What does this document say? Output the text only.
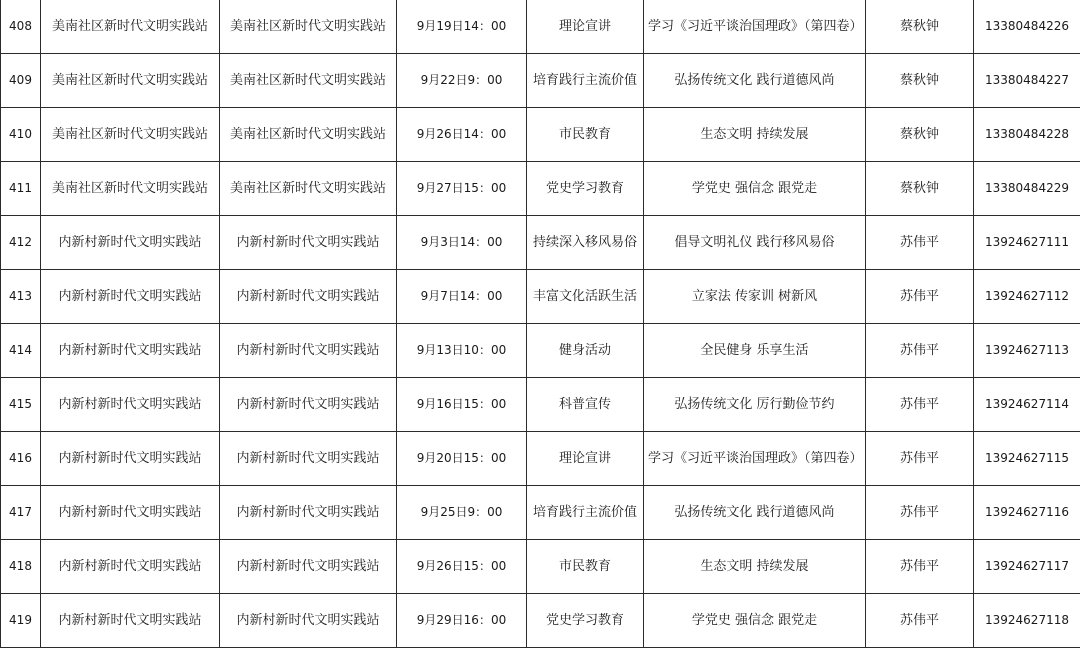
408	美南社区新时代文明实践站	美南社区新时代文明实践站	9月19日14：00	理论宣讲	学习《习近平谈治国理政》（第四卷）	蔡秋钟	13380484226
409	美南社区新时代文明实践站	美南社区新时代文明实践站	9月22日9：00	培育践行主流价值	弘扬传统文化 践行道德风尚	蔡秋钟	13380484227
410	美南社区新时代文明实践站	美南社区新时代文明实践站	9月26日14：00	市民教育	生态文明 持续发展	蔡秋钟	13380484228
411	美南社区新时代文明实践站	美南社区新时代文明实践站	9月27日15：00	党史学习教育	学党史 强信念 跟党走	蔡秋钟	13380484229
412	内新村新时代文明实践站	内新村新时代文明实践站	9月3日14：00	持续深入移风易俗	倡导文明礼仪 践行移风易俗	苏伟平	13924627111
413	内新村新时代文明实践站	内新村新时代文明实践站	9月7日14：00	丰富文化活跃生活	立家法 传家训 树新风	苏伟平	13924627112
414	内新村新时代文明实践站	内新村新时代文明实践站	9月13日10：00	健身活动	全民健身 乐享生活	苏伟平	13924627113
415	内新村新时代文明实践站	内新村新时代文明实践站	9月16日15：00	科普宣传	弘扬传统文化 厉行勤俭节约	苏伟平	13924627114
416	内新村新时代文明实践站	内新村新时代文明实践站	9月20日15：00	理论宣讲	学习《习近平谈治国理政》（第四卷）	苏伟平	13924627115
417	内新村新时代文明实践站	内新村新时代文明实践站	9月25日9：00	培育践行主流价值	弘扬传统文化 践行道德风尚	苏伟平	13924627116
418	内新村新时代文明实践站	内新村新时代文明实践站	9月26日15：00	市民教育	生态文明 持续发展	苏伟平	13924627117
419	内新村新时代文明实践站	内新村新时代文明实践站	9月29日16：00	党史学习教育	学党史 强信念 跟党走	苏伟平	13924627118
